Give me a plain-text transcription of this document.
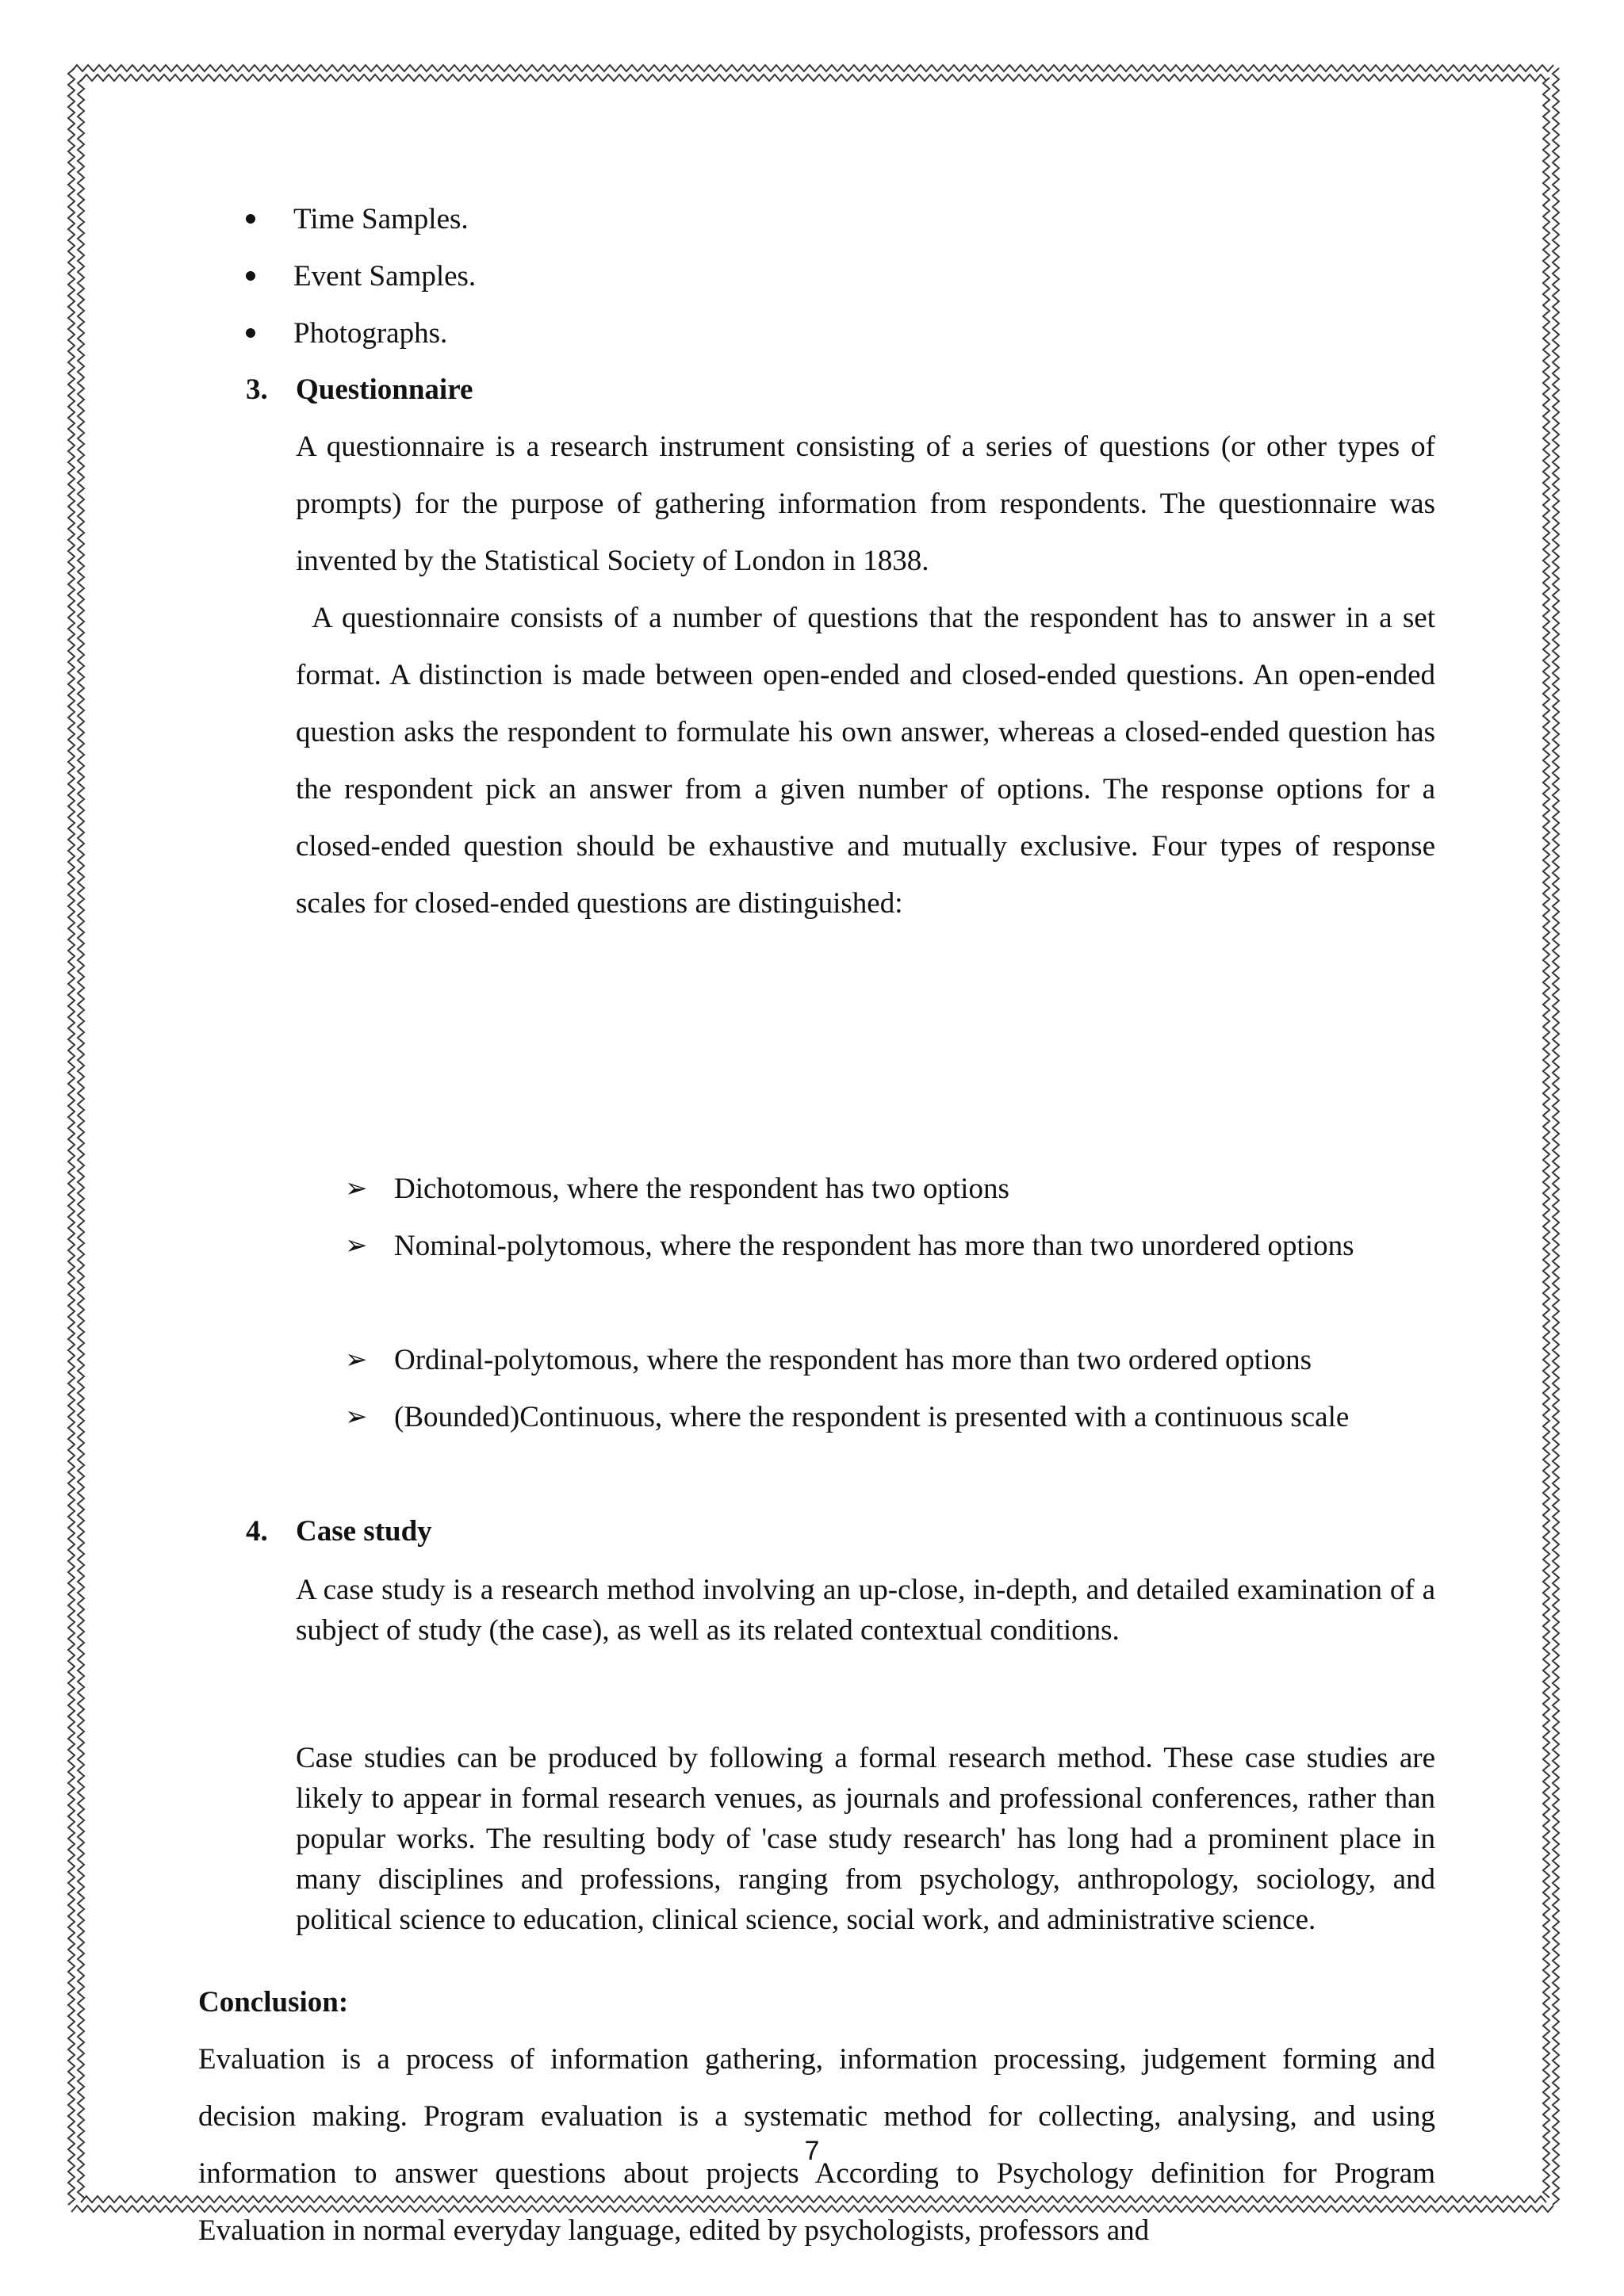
Time Samples.
Event Samples.
Photographs.
3. Questionnaire
A questionnaire is a research instrument consisting of a series of questions (or other types of prompts) for the purpose of gathering information from respondents. The questionnaire was invented by the Statistical Society of London in 1838.
A questionnaire consists of a number of questions that the respondent has to answer in a set format. A distinction is made between open-ended and closed-ended questions. An open-ended question asks the respondent to formulate his own answer, whereas a closed-ended question has the respondent pick an answer from a given number of options. The response options for a closed-ended question should be exhaustive and mutually exclusive. Four types of response scales for closed-ended questions are distinguished:
➢ Dichotomous, where the respondent has two options
➢ Nominal-polytomous, where the respondent has more than two unordered options
➢ Ordinal-polytomous, where the respondent has more than two ordered options
➢ (Bounded)Continuous, where the respondent is presented with a continuous scale
4. Case study
A case study is a research method involving an up-close, in-depth, and detailed examination of a subject of study (the case), as well as its related contextual conditions.
Case studies can be produced by following a formal research method. These case studies are likely to appear in formal research venues, as journals and professional conferences, rather than popular works. The resulting body of 'case study research' has long had a prominent place in many disciplines and professions, ranging from psychology, anthropology, sociology, and political science to education, clinical science, social work, and administrative science.
Conclusion:
Evaluation is a process of information gathering, information processing, judgement forming and decision making. Program evaluation is a systematic method for collecting, analysing, and using information to answer questions about projects According to Psychology definition for Program Evaluation in normal everyday language, edited by psychologists, professors and
7
